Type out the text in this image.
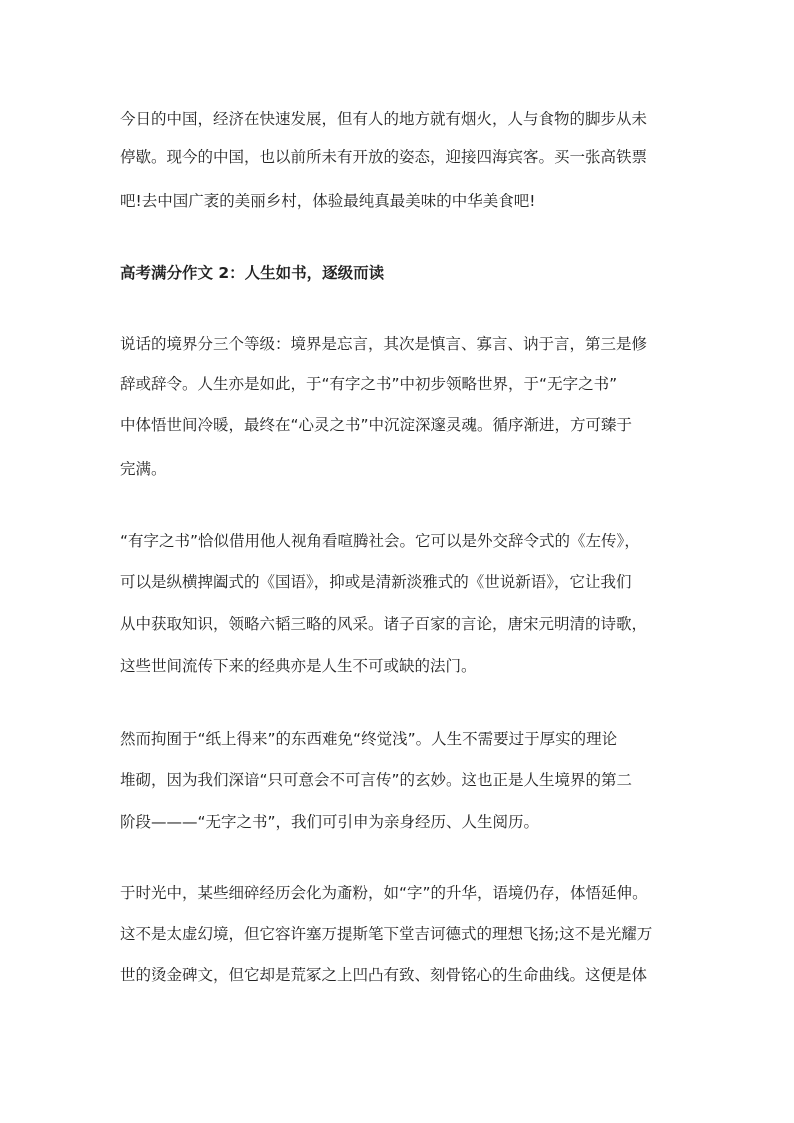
今日的中国，经济在快速发展，但有人的地方就有烟火，人与食物的脚步从未

停歇。现今的中国，也以前所未有开放的姿态，迎接四海宾客。买一张高铁票

吧!去中国广袤的美丽乡村，体验最纯真最美味的中华美食吧!

高考满分作文 2：人生如书，逐级而读

说话的境界分三个等级：境界是忘言，其次是慎言、寡言、讷于言，第三是修

辞或辞令。人生亦是如此，于“有字之书”中初步领略世界，于“无字之书”

中体悟世间冷暖，最终在“心灵之书”中沉淀深邃灵魂。循序渐进，方可臻于

完满。

“有字之书”恰似借用他人视角看喧腾社会。它可以是外交辞令式的《左传》，

可以是纵横捭阖式的《国语》，抑或是清新淡雅式的《世说新语》，它让我们

从中获取知识，领略六韬三略的风采。诸子百家的言论，唐宋元明清的诗歌，

这些世间流传下来的经典亦是人生不可或缺的法门。

然而拘囿于“纸上得来”的东西难免“终觉浅”。人生不需要过于厚实的理论

堆砌，因为我们深谙“只可意会不可言传”的玄妙。这也正是人生境界的第二

阶段———“无字之书”，我们可引申为亲身经历、人生阅历。

于时光中，某些细碎经历会化为齑粉，如“字”的升华，语境仍存，体悟延伸。

这不是太虚幻境，但它容许塞万提斯笔下堂吉诃德式的理想飞扬;这不是光耀万

世的烫金碑文，但它却是荒冢之上凹凸有致、刻骨铭心的生命曲线。这便是体
